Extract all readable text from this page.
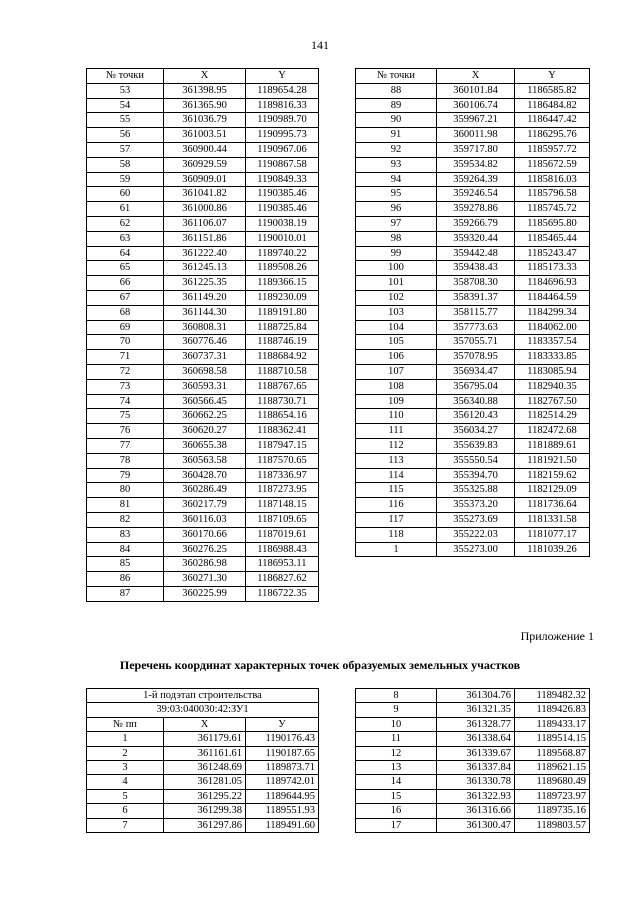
141
№ точки	X	Y
53	361398.95	1189654.28
54	361365.90	1189816.33
55	361036.79	1190989.70
56	361003.51	1190995.73
57	360900.44	1190967.06
58	360929.59	1190867.58
59	360909.01	1190849.33
60	361041.82	1190385.46
61	361000.86	1190385.46
62	361106.07	1190038.19
63	361151.86	1190010.01
64	361222.40	1189740.22
65	361245.13	1189508.26
66	361225.35	1189366.15
67	361149.20	1189230.09
68	361144.30	1189191.80
69	360808.31	1188725.84
70	360776.46	1188746.19
71	360737.31	1188684.92
72	360698.58	1188710.58
73	360593.31	1188767.65
74	360566.45	1188730.71
75	360662.25	1188654.16
76	360620.27	1188362.41
77	360655.38	1187947.15
78	360563.58	1187570.65
79	360428.70	1187336.97
80	360286.49	1187273.95
81	360217.79	1187148.15
82	360116.03	1187109.65
83	360170.66	1187019.61
84	360276.25	1186988.43
85	360286.98	1186953.11
86	360271.30	1186827.62
87	360225.99	1186722.35
№ точки	X	Y
88	360101.84	1186585.82
89	360106.74	1186484.82
90	359967.21	1186447.42
91	360011.98	1186295.76
92	359717.80	1185957.72
93	359534.82	1185672.59
94	359264.39	1185816.03
95	359246.54	1185796.58
96	359278.86	1185745.72
97	359266.79	1185695.80
98	359320.44	1185465.44
99	359442.48	1185243.47
100	359438.43	1185173.33
101	358708.30	1184696.93
102	358391.37	1184464.59
103	358115.77	1184299.34
104	357773.63	1184062.00
105	357055.71	1183357.54
106	357078.95	1183333.85
107	356934.47	1183085.94
108	356795.04	1182940.35
109	356340.88	1182767.50
110	356120.43	1182514.29
111	356034.27	1182472.68
112	355639.83	1181889.61
113	355550.54	1181921.50
114	355394.70	1182159.62
115	355325.88	1182129.09
116	355373.20	1181736.64
117	355273.69	1181331.58
118	355222.03	1181077.17
1	355273.00	1181039.26
Приложение 1
Перечень координат характерных точек образуемых земельных участков
1-й подэтап строительства		
39:03:040030:42:ЗУ1		
№ пп	X	У
1	361179.61	1190176.43
2	361161.61	1190187.65
3	361248.69	1189873.71
4	361281.05	1189742.01
5	361295.22	1189644.95
6	361299.38	1189551.93
7	361297.86	1189491.60
8	361304.76	1189482.32
9	361321.35	1189426.83
10	361328.77	1189433.17
11	361338.64	1189514.15
12	361339.67	1189568.87
13	361337.84	1189621.15
14	361330.78	1189680.49
15	361322.93	1189723.97
16	361316.66	1189735.16
17	361300.47	1189803.57
